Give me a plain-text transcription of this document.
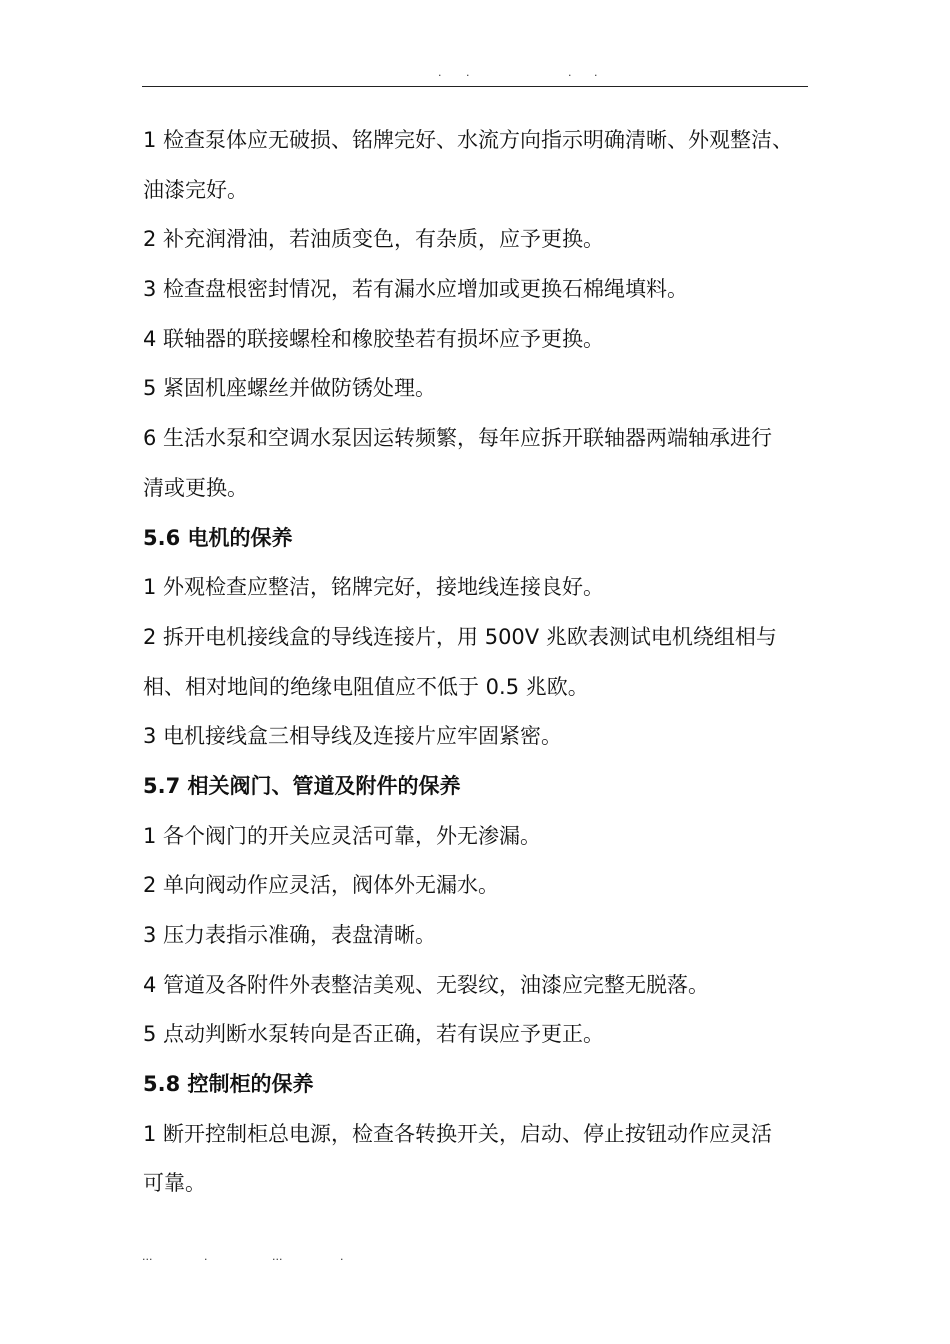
. .	. .
1 检查泵体应无破损、铭牌完好、水流方向指示明确清晰、外观整洁、
油漆完好。
2 补充润滑油，若油质变色，有杂质，应予更换。
3 检查盘根密封情况，若有漏水应增加或更换石棉绳填料。
4 联轴器的联接螺栓和橡胶垫若有损坏应予更换。
5 紧固机座螺丝并做防锈处理。
6 生活水泵和空调水泵因运转频繁，每年应拆开联轴器两端轴承进行
清或更换。
5.6 电机的保养
1 外观检查应整洁，铭牌完好，接地线连接良好。
2 拆开电机接线盒的导线连接片，用 500V 兆欧表测试电机绕组相与
相、相对地间的绝缘电阻值应不低于 0.5 兆欧。
3 电机接线盒三相导线及连接片应牢固紧密。
5.7 相关阀门、管道及附件的保养
1 各个阀门的开关应灵活可靠，外无渗漏。
2 单向阀动作应灵活，阀体外无漏水。
3 压力表指示准确，表盘清晰。
4 管道及各附件外表整洁美观、无裂纹，油漆应完整无脱落。
5 点动判断水泵转向是否正确，若有误应予更正。
5.8 控制柜的保养
1 断开控制柜总电源，检查各转换开关，启动、停止按钮动作应灵活
可靠。
...	.	...	.
